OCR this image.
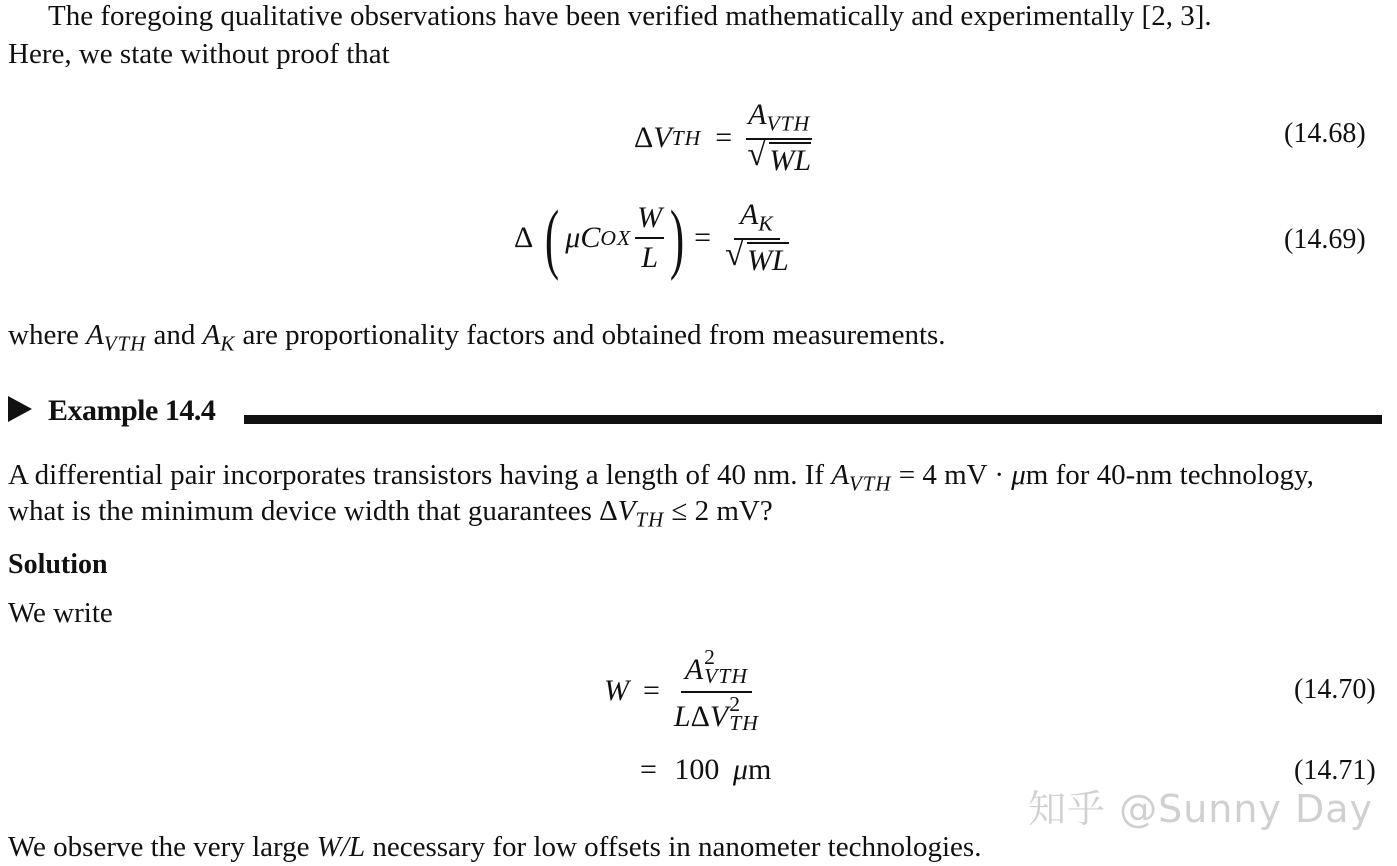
The foregoing qualitative observations have been verified mathematically and experimentally [2, 3].
Here, we state without proof that
Δ V TH = $\frac{A_{VTH}}{√ WL}$	(14.68)
Δ ( μ C OX $\frac{W}{L}$ ) = $\frac{A_K}{√ WL}$	(14.69)
where $A_{VTH}$ and $A_K$ are proportionality factors and obtained from measurements.
Example 14.4
A differential pair incorporates transistors having a length of 40 nm. If $A_{VTH} = 4$ mV · μm for 40-nm technology,
what is the minimum device width that guarantees $\Delta V_{TH} \le 2$ mV?
Solution
We write
W = A 2
VTH
L Δ V 2
TH	(14.70)
= 100 μm	(14.71)
知乎 @Sunny Day
We observe the very large W/L necessary for low offsets in nanometer technologies.
